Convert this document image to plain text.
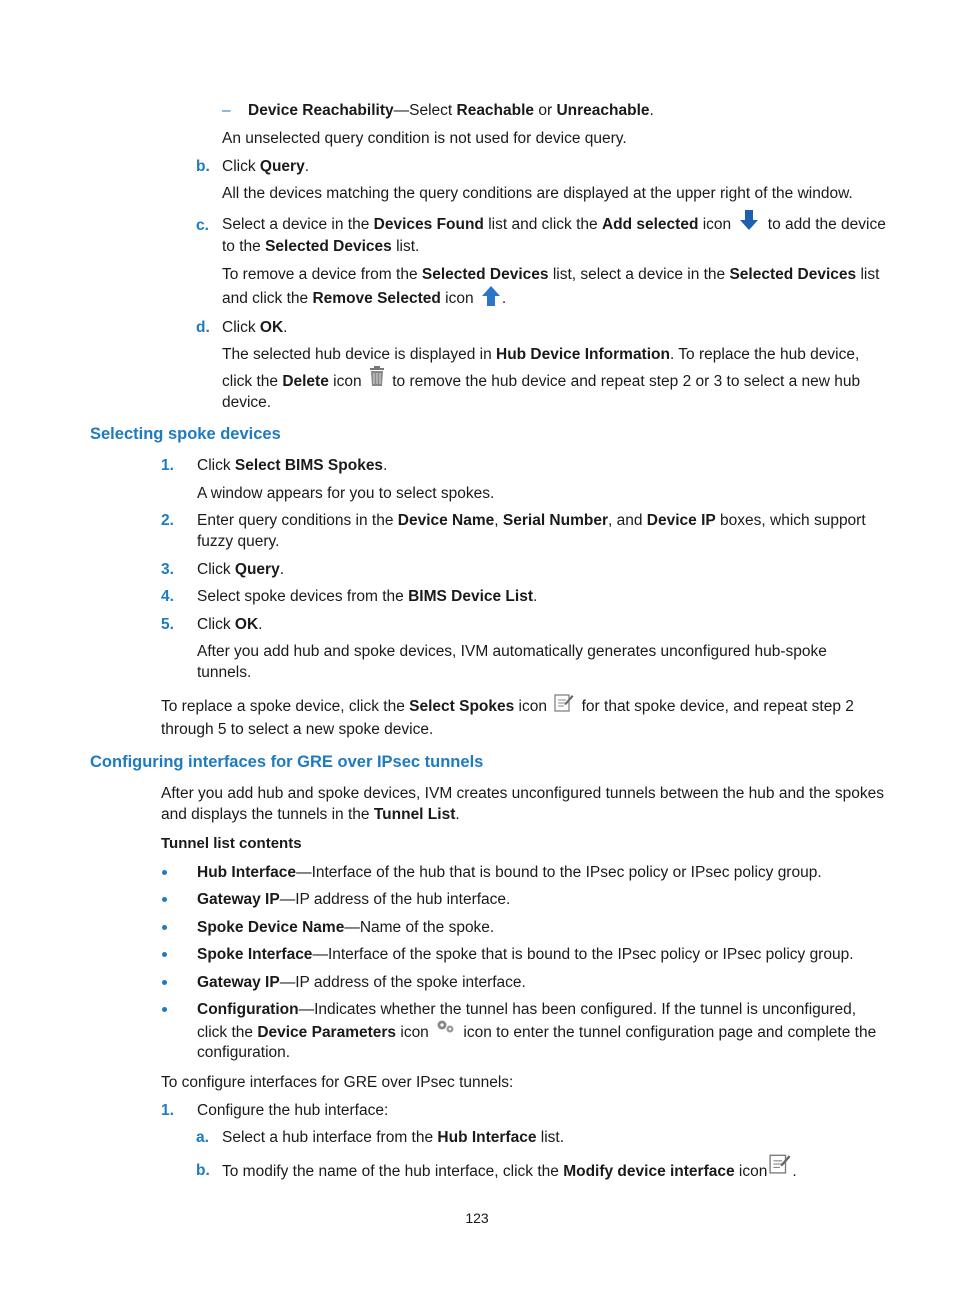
– Device Reachability—Select Reachable or Unreachable.
An unselected query condition is not used for device query.
b. Click Query.
All the devices matching the query conditions are displayed at the upper right of the window.
c. Select a device in the Devices Found list and click the Add selected icon  to add the device
to the Selected Devices list.
To remove a device from the Selected Devices list, select a device in the Selected Devices list
and click the Remove Selected icon .
d. Click OK.
The selected hub device is displayed in Hub Device Information. To replace the hub device,
click the Delete icon  to remove the hub device and repeat step 2 or 3 to select a new hub
device.
Selecting spoke devices
1. Click Select BIMS Spokes.
A window appears for you to select spokes.
2. Enter query conditions in the Device Name, Serial Number, and Device IP boxes, which support
fuzzy query.
3. Click Query.
4. Select spoke devices from the BIMS Device List.
5. Click OK.
After you add hub and spoke devices, IVM automatically generates unconfigured hub-spoke
tunnels.
To replace a spoke device, click the Select Spokes icon  for that spoke device, and repeat step 2
through 5 to select a new spoke device.
Configuring interfaces for GRE over IPsec tunnels
After you add hub and spoke devices, IVM creates unconfigured tunnels between the hub and the spokes
and displays the tunnels in the Tunnel List.
Tunnel list contents
Hub Interface—Interface of the hub that is bound to the IPsec policy or IPsec policy group.
Gateway IP—IP address of the hub interface.
Spoke Device Name—Name of the spoke.
Spoke Interface—Interface of the spoke that is bound to the IPsec policy or IPsec policy group.
Gateway IP—IP address of the spoke interface.
Configuration—Indicates whether the tunnel has been configured. If the tunnel is unconfigured,
click the Device Parameters icon  icon to enter the tunnel configuration page and complete the
configuration.
To configure interfaces for GRE over IPsec tunnels:
1. Configure the hub interface:
a. Select a hub interface from the Hub Interface list.
b. To modify the name of the hub interface, click the Modify device interface icon .
123
